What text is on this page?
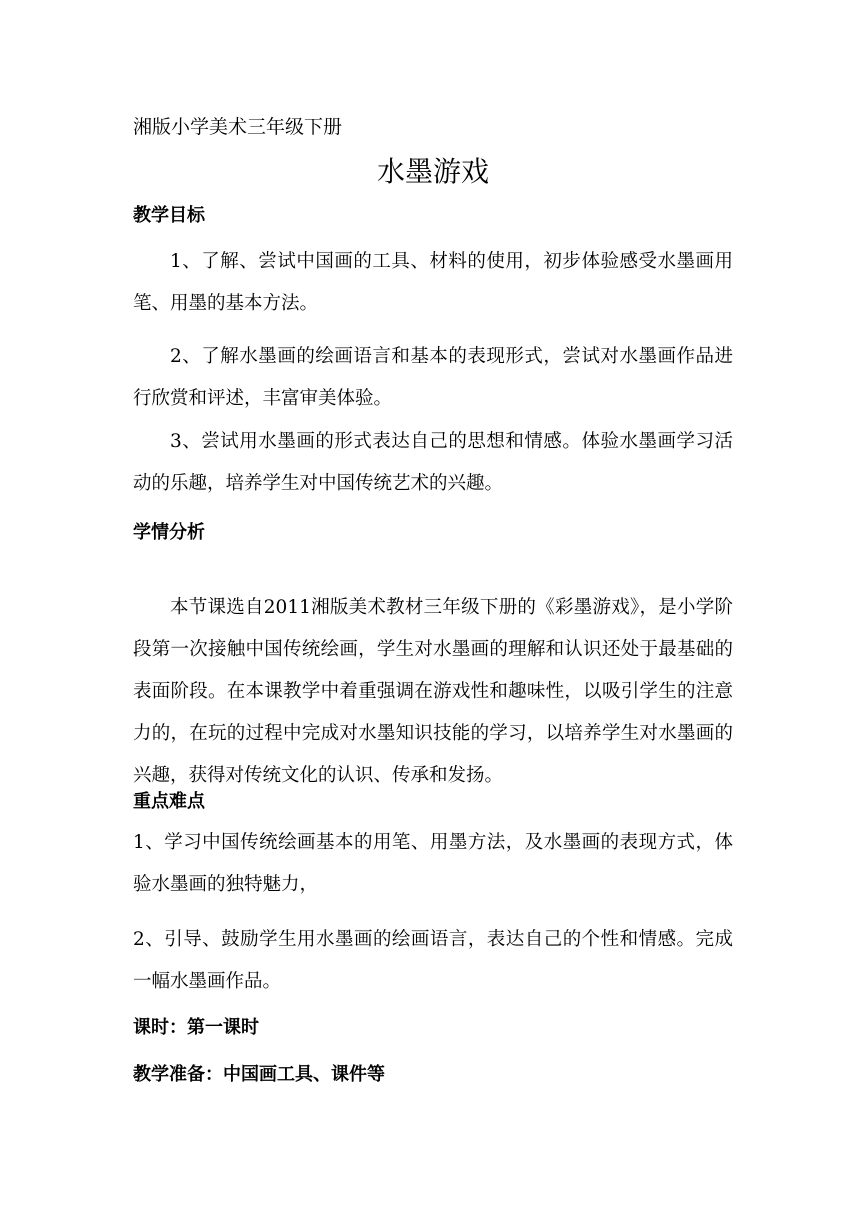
湘版小学美术三年级下册
水墨游戏
教学目标
1、了解、尝试中国画的工具、材料的使用，初步体验感受水墨画用笔、用墨的基本方法。
2、了解水墨画的绘画语言和基本的表现形式，尝试对水墨画作品进行欣赏和评述，丰富审美体验。
3、尝试用水墨画的形式表达自己的思想和情感。体验水墨画学习活动的乐趣，培养学生对中国传统艺术的兴趣。
学情分析
本节课选自2011湘版美术教材三年级下册的《彩墨游戏》，是小学阶段第一次接触中国传统绘画，学生对水墨画的理解和认识还处于最基础的表面阶段。在本课教学中着重强调在游戏性和趣味性，以吸引学生的注意力的，在玩的过程中完成对水墨知识技能的学习，以培养学生对水墨画的兴趣，获得对传统文化的认识、传承和发扬。
重点难点
1、学习中国传统绘画基本的用笔、用墨方法，及水墨画的表现方式，体验水墨画的独特魅力，
2、引导、鼓励学生用水墨画的绘画语言，表达自己的个性和情感。完成一幅水墨画作品。
课时：第一课时
教学准备：中国画工具、课件等
